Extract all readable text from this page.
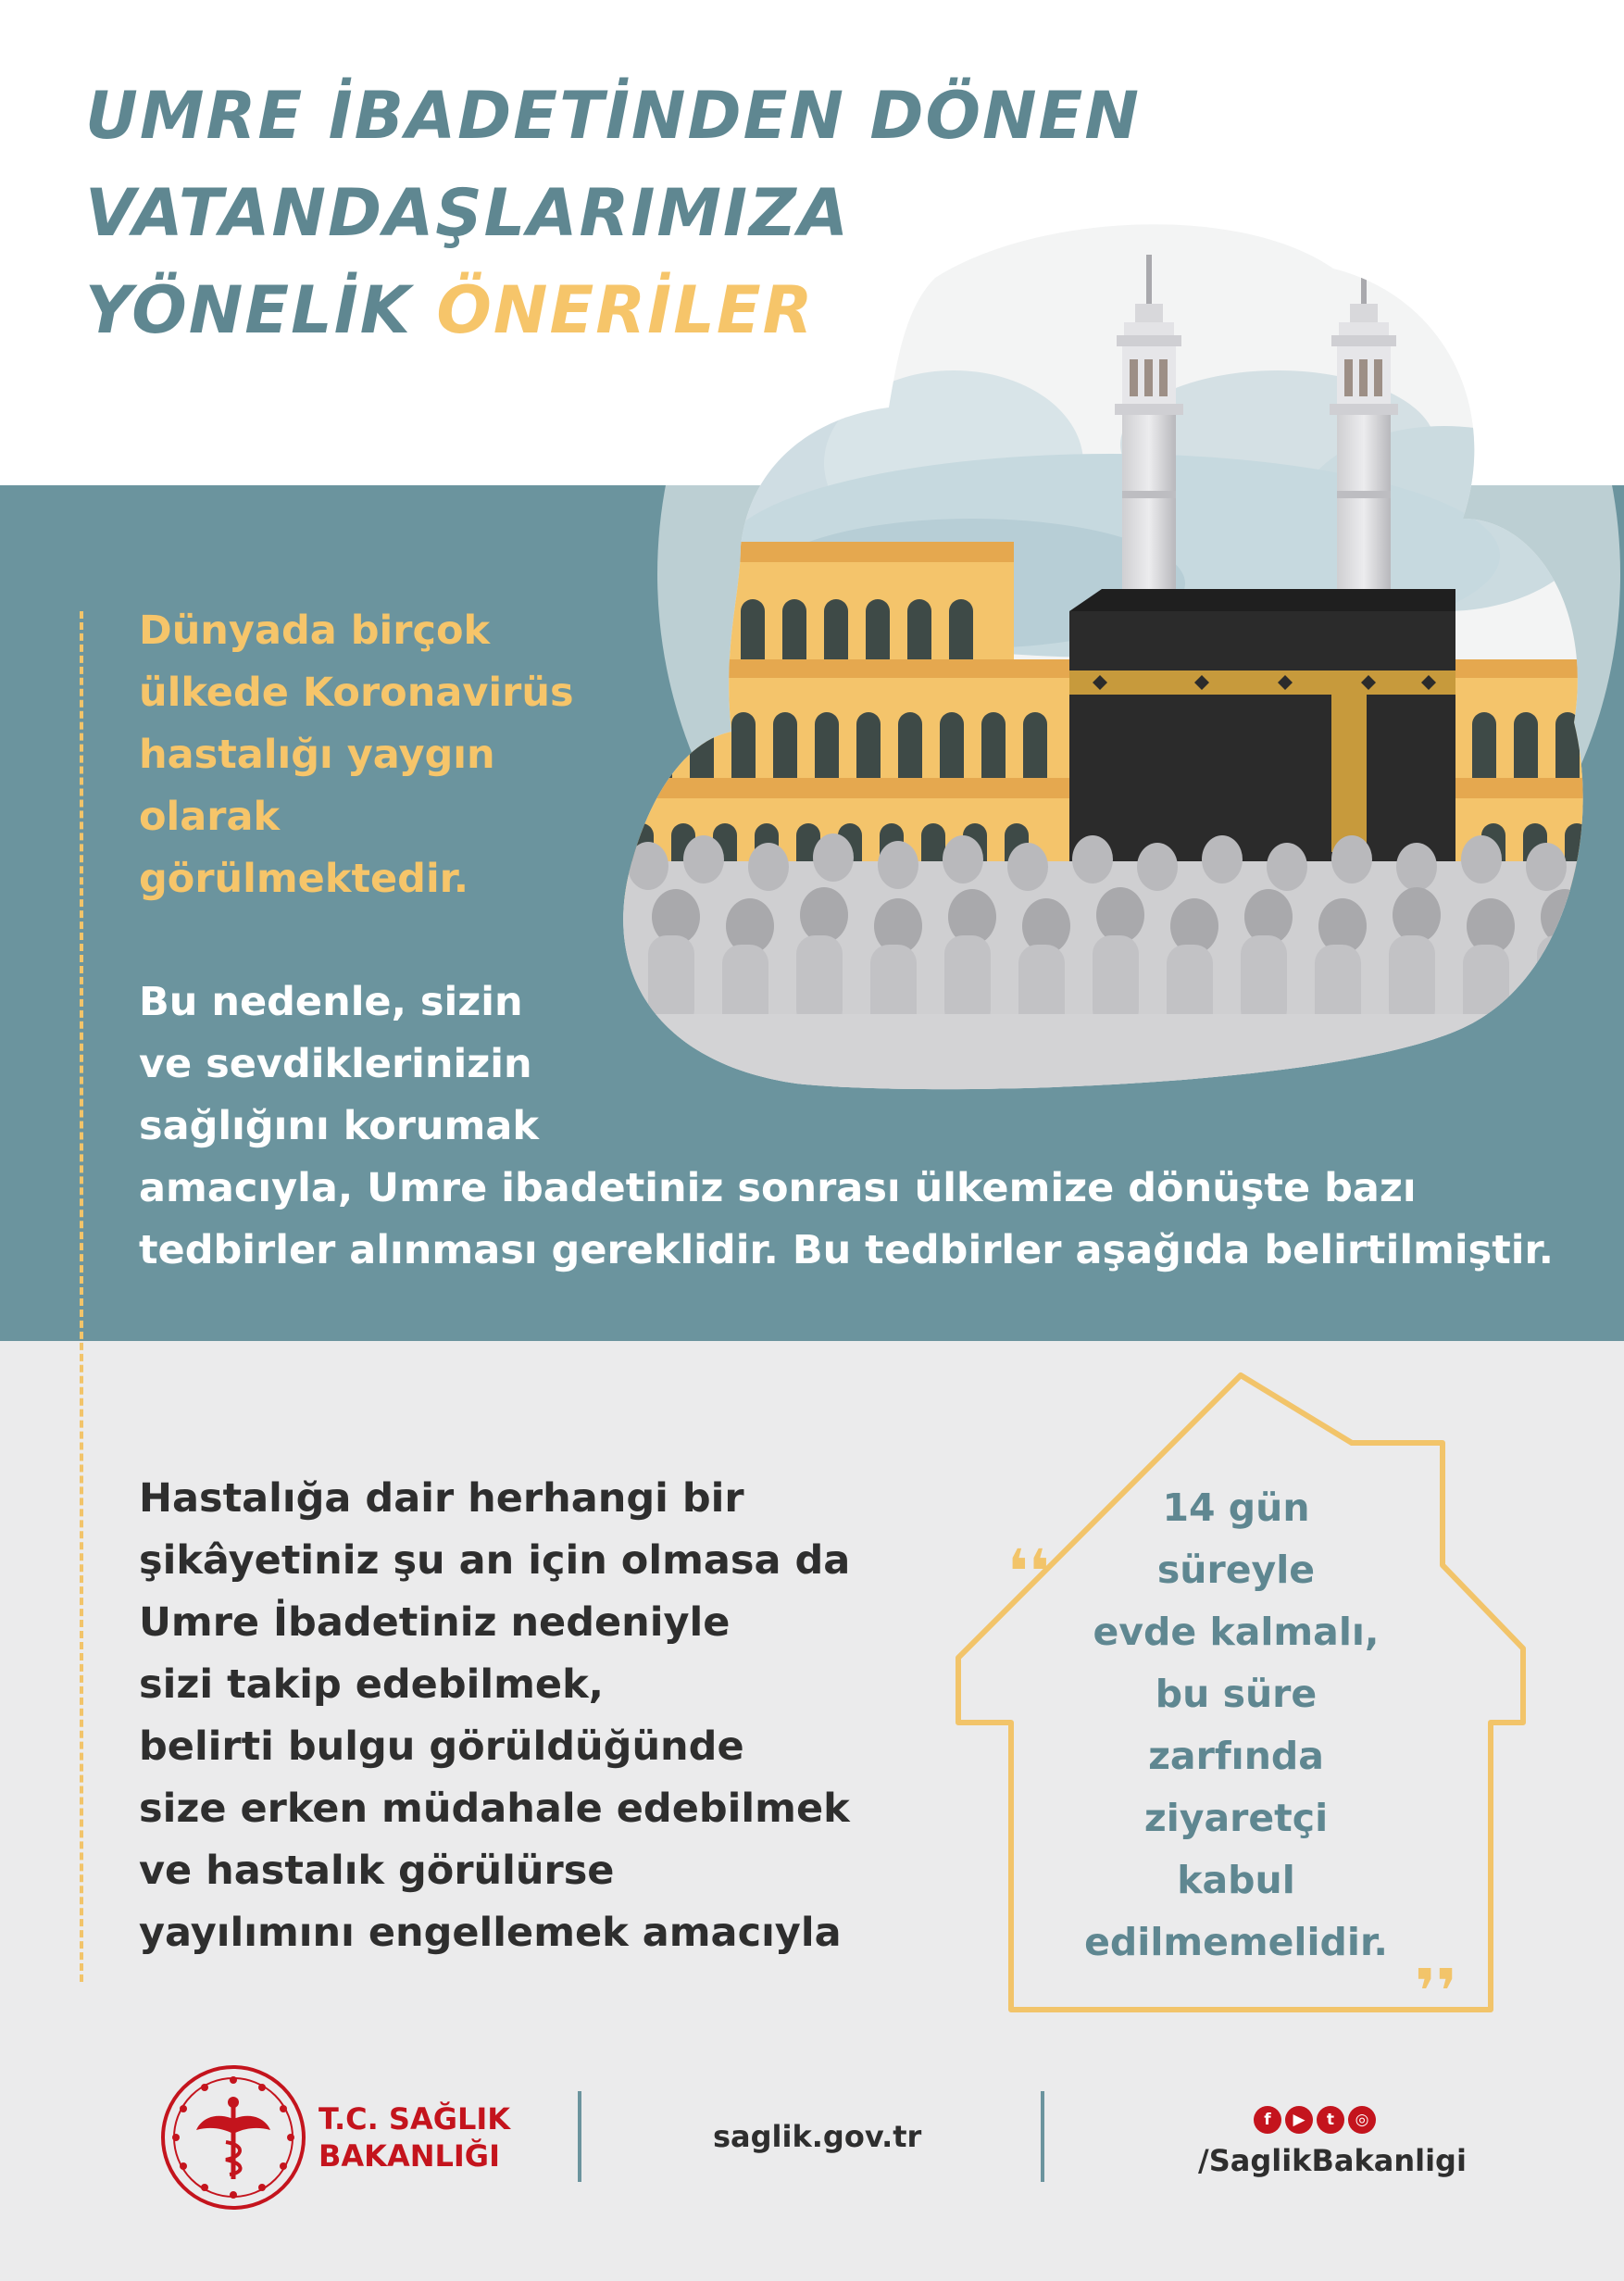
UMRE İBADETİNDEN DÖNEN
VATANDAŞLARIMIZA
YÖNELİK ÖNERİLER
Dünyada birçok
ülkede Koronavirüs
hastalığı yaygın
olarak
görülmektedir.
Bu nedenle, sizin
ve sevdiklerinizin
sağlığını korumak
amacıyla, Umre ibadetiniz sonrası ülkemize dönüşte bazı
tedbirler alınması gereklidir. Bu tedbirler aşağıda belirtilmiştir.
Hastalığa dair herhangi bir
şikâyetiniz şu an için olmasa da
Umre İbadetiniz nedeniyle
sizi takip edebilmek,
belirti bulgu görüldüğünde
size erken müdahale edebilmek
ve hastalık görülürse
yayılımını engellemek amacıyla
❛❛
❜❜
14 gün
süreyle
evde kalmalı,
bu süre
zarfında
ziyaretçi
kabul
edilmemelidir.
T.C. SAĞLIK
BAKANLIĞI
saglik.gov.tr	f	▶	t	◎
/SaglikBakanligi
